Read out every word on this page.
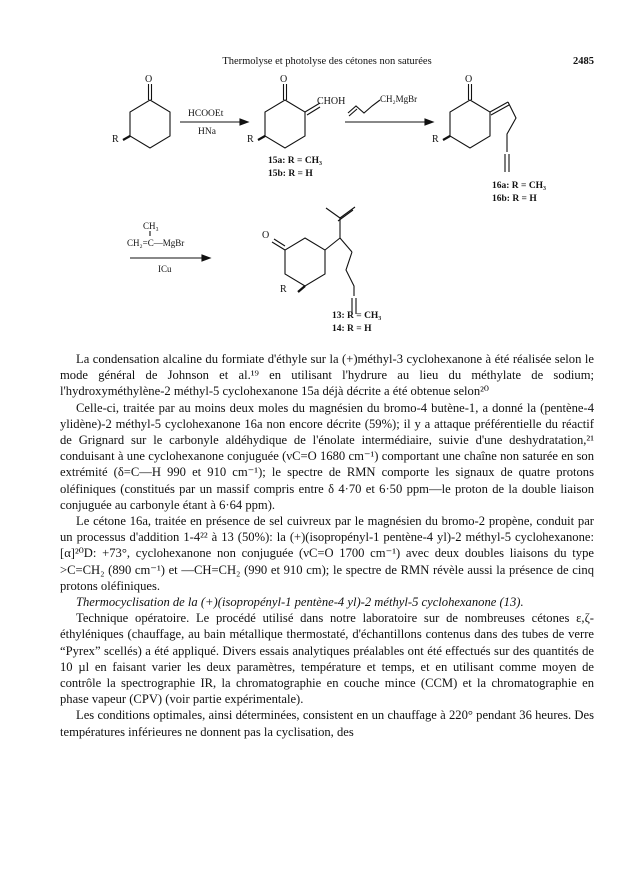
Thermolyse et photolyse des cétones non saturées	2485
O
R
HCOOEt
HNa
O
R
CHOH	CH₂MgBr
15a: R = CH₃
15b: R = H
O
R
16a: R = CH₃
16b: R = H
CH₃
CH₂=C—MgBr
ICu
O
R
13: R = CH₃
14: R = H

La condensation alcaline du formiate d'éthyle sur la (+)méthyl-3 cyclohexanone à été réalisée selon le mode général de Johnson et al.¹⁹ en utilisant l'hydrure au lieu du méthylate de sodium; l'hydroxyméthylène-2 méthyl-5 cyclohexanone 15a déjà décrite a été obtenue selon²⁰

Celle-ci, traitée par au moins deux moles du magnésien du bromo-4 butène-1, a donné la (pentène-4 ylidène)-2 méthyl-5 cyclohexanone 16a non encore décrite (59%); il y a attaque préférentielle du réactif de Grignard sur le carbonyle aldéhydique de l'énolate intermédiaire, suivie d'une deshydratation,²¹ conduisant à une cyclohexanone conjuguée (νC=O 1680 cm⁻¹) comportant une chaîne non saturée en son extrémité (δ=C—H 990 et 910 cm⁻¹); le spectre de RMN comporte les signaux de quatre protons oléfiniques (constitués par un massif compris entre δ 4·70 et 6·50 ppm—le proton de la double liaison conjuguée au carbonyle étant à 6·64 ppm).

Le cétone 16a, traitée en présence de sel cuivreux par le magnésien du bromo-2 propène, conduit par un processus d'addition 1-4²² à 13 (50%): la (+)(isopropényl-1 pentène-4 yl)-2 méthyl-5 cyclohexanone: [α]²⁰D: +73°, cyclohexanone non conjuguée (νC=O 1700 cm⁻¹) avec deux doubles liaisons du type >C=CH₂ (890 cm⁻¹) et —CH=CH₂ (990 et 910 cm); le spectre de RMN révèle aussi la présence de cinq protons oléfiniques.

Thermocyclisation de la (+)(isopropényl-1 pentène-4 yl)-2 méthyl-5 cyclohexanone (13).

Technique opératoire. Le procédé utilisé dans notre laboratoire sur de nombreuses cétones ε,ζ-éthyléniques (chauffage, au bain métallique thermostaté, d'échantillons contenus dans des tubes de verre “Pyrex” scellés) a été appliqué. Divers essais analytiques préalables ont été effectués sur des quantités de 10 µl en faisant varier les deux paramètres, température et temps, et en utilisant comme moyen de contrôle la spectrographie IR, la chromatographie en couche mince (CCM) et la chromatographie en phase vapeur (CPV) (voir partie expérimentale).

Les conditions optimales, ainsi déterminées, consistent en un chauffage à 220° pendant 36 heures. Des températures inférieures ne donnent pas la cyclisation, des
